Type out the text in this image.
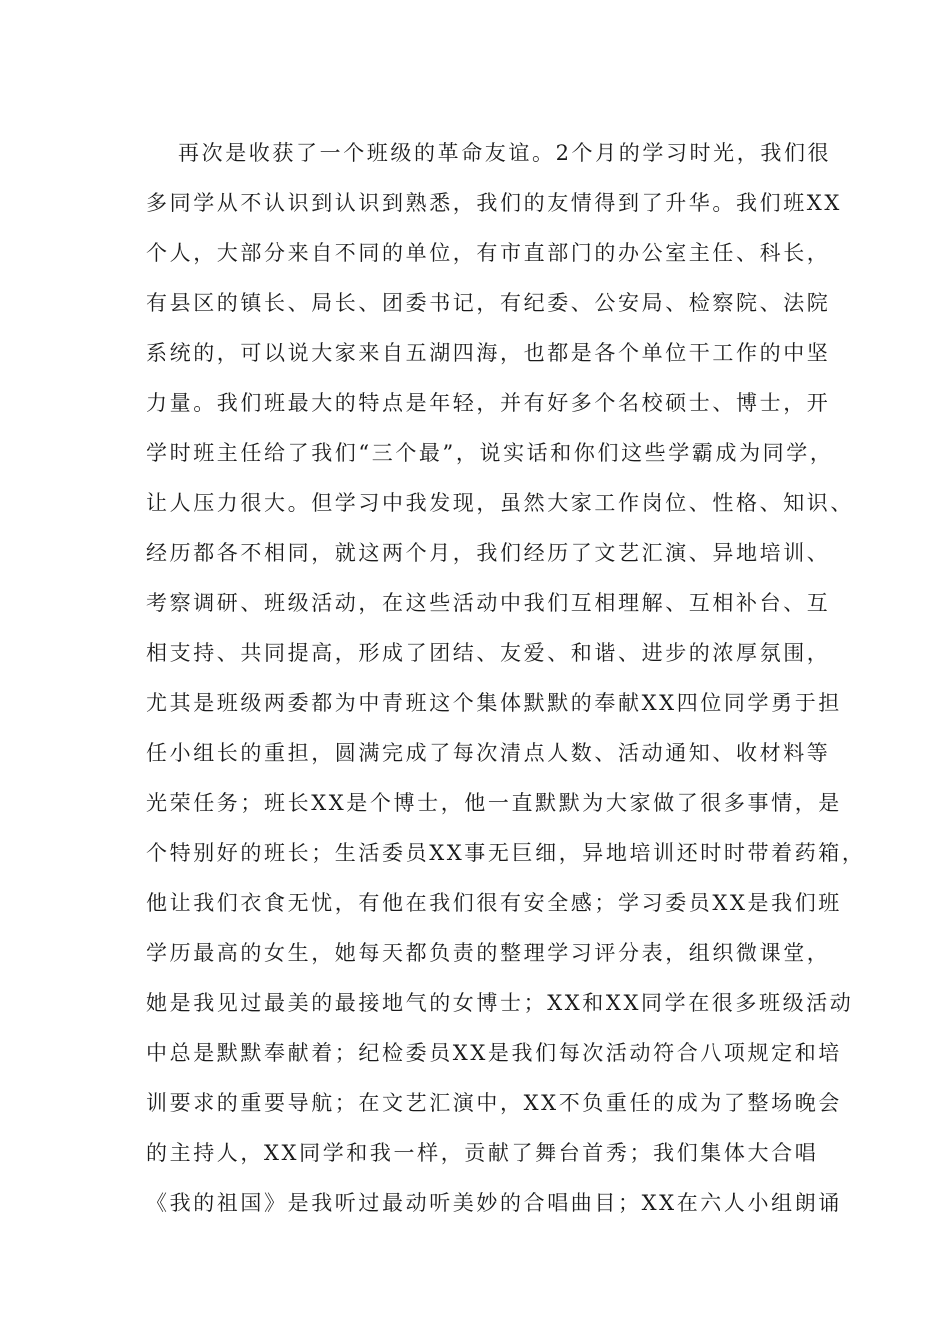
再次是收获了一个班级的革命友谊。2个月的学习时光，我们很
多同学从不认识到认识到熟悉，我们的友情得到了升华。我们班XX
个人，大部分来自不同的单位，有市直部门的办公室主任、科长，
有县区的镇长、局长、团委书记，有纪委、公安局、检察院、法院
系统的，可以说大家来自五湖四海，也都是各个单位干工作的中坚
力量。我们班最大的特点是年轻，并有好多个名校硕士、博士，开
学时班主任给了我们“三个最”，说实话和你们这些学霸成为同学，
让人压力很大。但学习中我发现，虽然大家工作岗位、性格、知识、
经历都各不相同，就这两个月，我们经历了文艺汇演、异地培训、
考察调研、班级活动，在这些活动中我们互相理解、互相补台、互
相支持、共同提高，形成了团结、友爱、和谐、进步的浓厚氛围，
尤其是班级两委都为中青班这个集体默默的奉献XX四位同学勇于担
任小组长的重担，圆满完成了每次清点人数、活动通知、收材料等
光荣任务；班长XX是个博士，他一直默默为大家做了很多事情，是
个特别好的班长；生活委员XX事无巨细，异地培训还时时带着药箱，
他让我们衣食无忧，有他在我们很有安全感；学习委员XX是我们班
学历最高的女生，她每天都负责的整理学习评分表，组织微课堂，
她是我见过最美的最接地气的女博士；XX和XX同学在很多班级活动
中总是默默奉献着；纪检委员XX是我们每次活动符合八项规定和培
训要求的重要导航；在文艺汇演中，XX不负重任的成为了整场晚会
的主持人，XX同学和我一样，贡献了舞台首秀；我们集体大合唱
《我的祖国》是我听过最动听美妙的合唱曲目；XX在六人小组朗诵
